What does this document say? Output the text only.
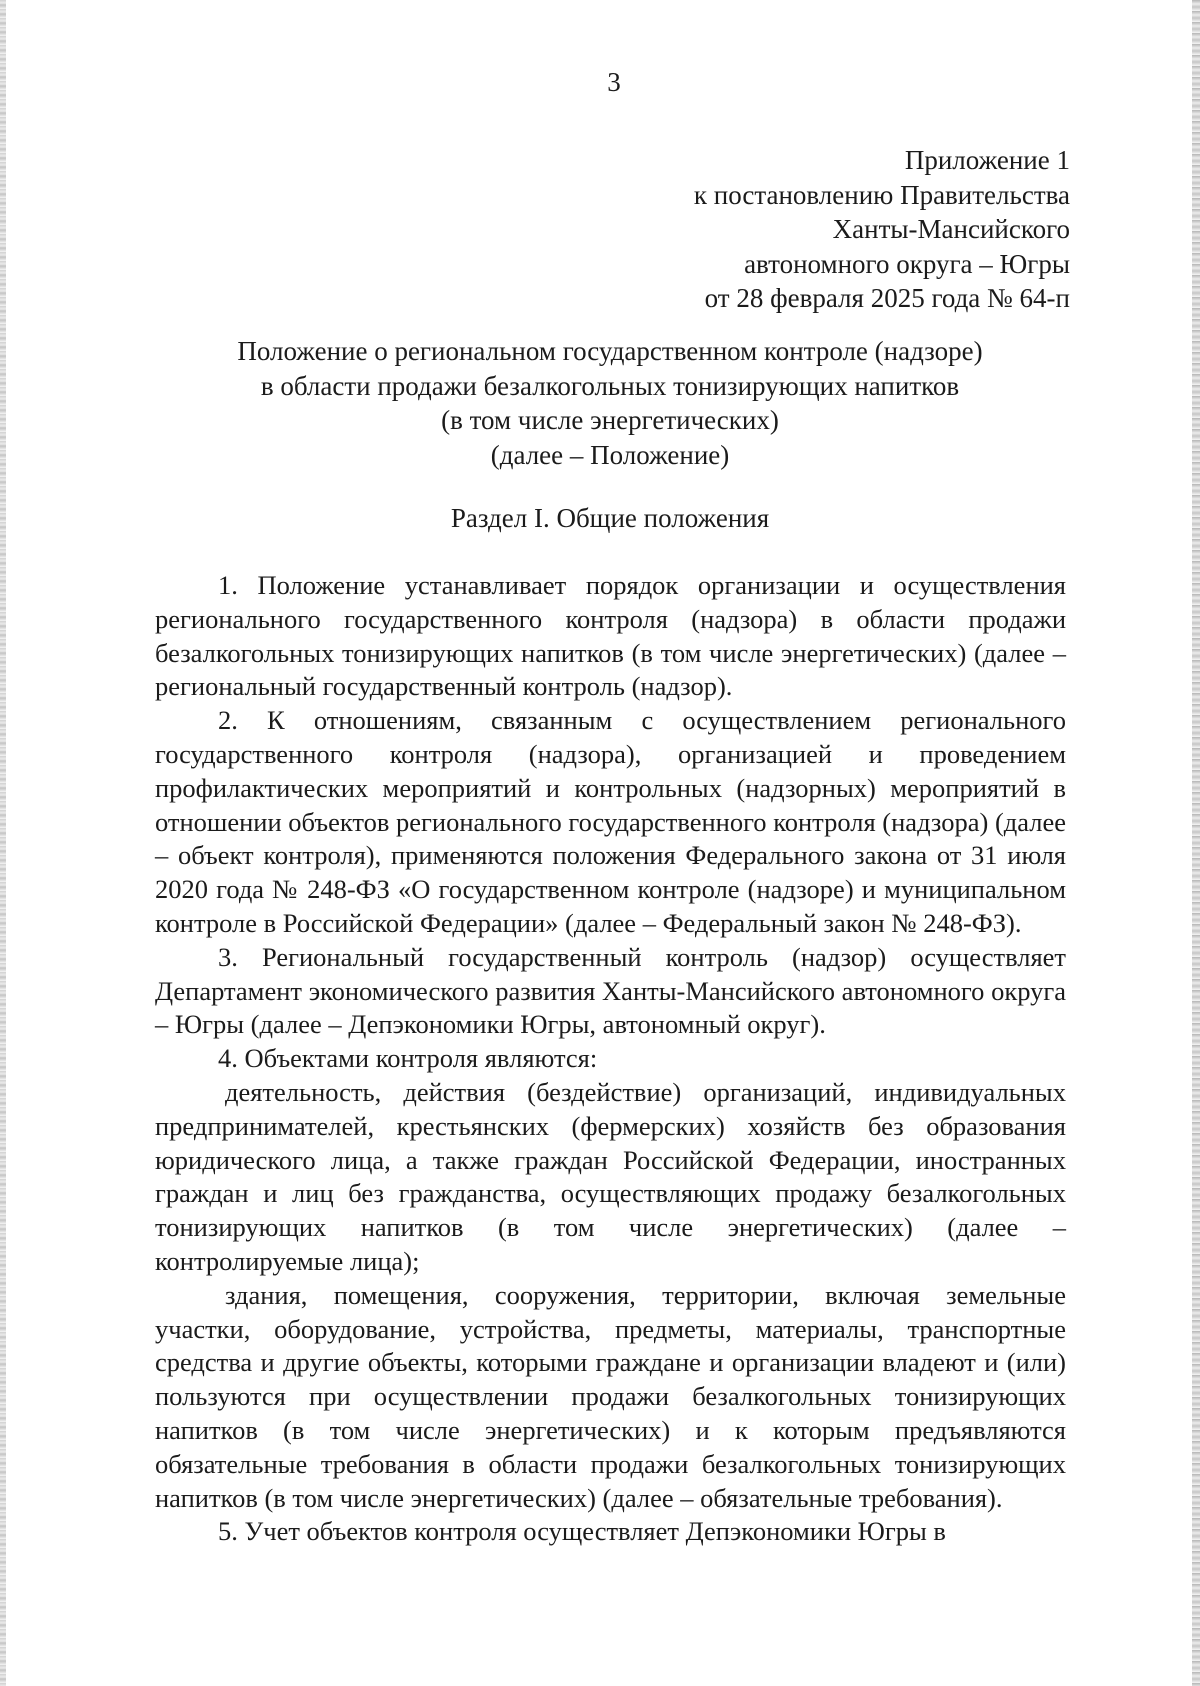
3
Приложение 1
к постановлению Правительства
Ханты-Мансийского
автономного округа – Югры
от 28 февраля 2025 года № 64-п
Положение о региональном государственном контроле (надзоре)
в области продажи безалкогольных тонизирующих напитков
(в том числе энергетических)
(далее – Положение)
Раздел I. Общие положения

1. Положение устанавливает порядок организации и осуществления регионального государственного контроля (надзора) в области продажи безалкогольных тонизирующих напитков (в том числе энергетических) (далее – региональный государственный контроль (надзор).

2. К отношениям, связанным с осуществлением регионального государственного контроля (надзора), организацией и проведением профилактических мероприятий и контрольных (надзорных) мероприятий в отношении объектов регионального государственного контроля (надзора) (далее – объект контроля), применяются положения Федерального закона от 31 июля 2020 года № 248-ФЗ «О государственном контроле (надзоре) и муниципальном контроле в Российской Федерации» (далее – Федеральный закон № 248-ФЗ).

3. Региональный государственный контроль (надзор) осуществляет Департамент экономического развития Ханты-Мансийского автономного округа – Югры (далее – Депэкономики Югры, автономный округ).

4. Объектами контроля являются:

деятельность, действия (бездействие) организаций, индивидуальных предпринимателей, крестьянских (фермерских) хозяйств без образования юридического лица, а также граждан Российской Федерации, иностранных граждан и лиц без гражданства, осуществляющих продажу безалкогольных тонизирующих напитков (в том числе энергетических) (далее – контролируемые лица);

здания, помещения, сооружения, территории, включая земельные участки, оборудование, устройства, предметы, материалы, транспортные средства и другие объекты, которыми граждане и организации владеют и (или) пользуются при осуществлении продажи безалкогольных тонизирующих напитков (в том числе энергетических) и к которым предъявляются обязательные требования в области продажи безалкогольных тонизирующих напитков (в том числе энергетических) (далее – обязательные требования).

5. Учет объектов контроля осуществляет Депэкономики Югры в
